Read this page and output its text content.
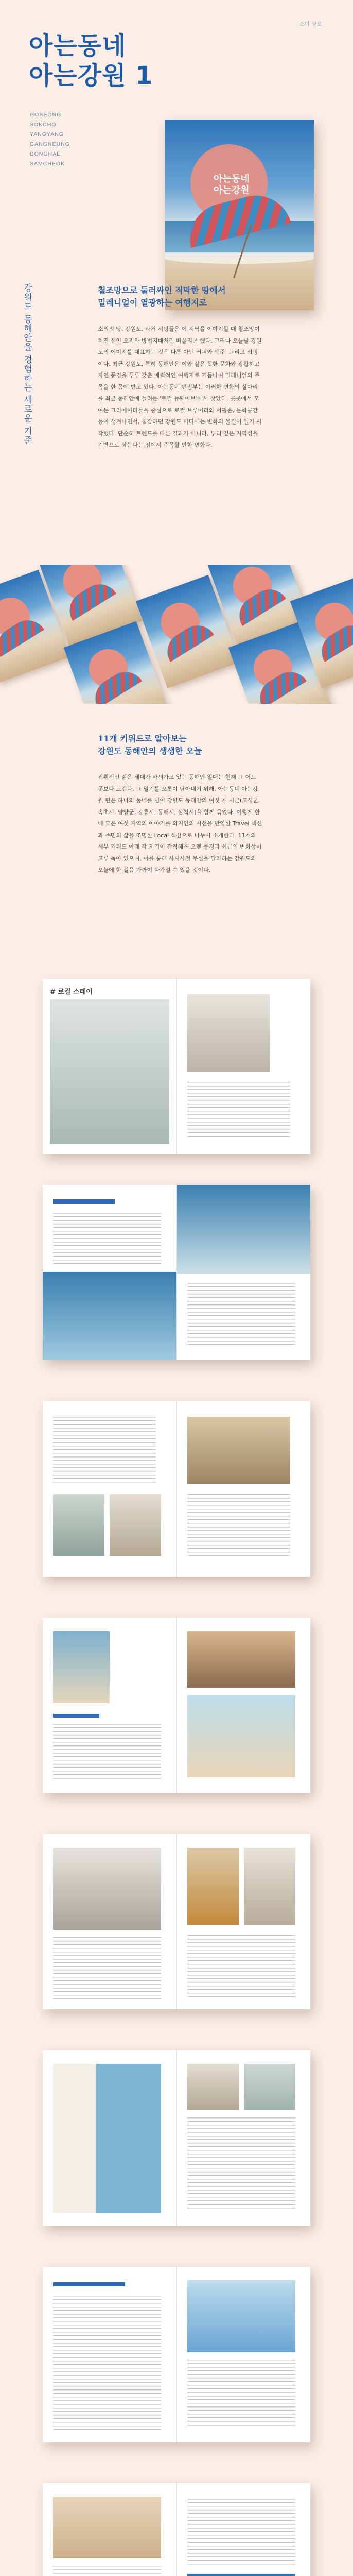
소이 필로
아는동네
아는강원 1
GOSEONG
SOKCHO
YANGYANG
GANGNEUNG
DONGHAE
SAMCHEOK
아는동네
아는강원
강원도 동해안을 경험하는 새로운 기준	철조망으로 둘러싸인 적막한 땅에서
밀레니얼이 열광하는 여행지로
소외의 땅, 강원도. 과거 서핑들은 이 지역을 이야기할 때 철조망이 쳐진 선인 오지와 방법지대처럼 떠올리곤 했다. 그러나 오늘날 강원도의 이미지를 대표하는 것은 다름 아닌 커피와 맥주, 그리고 서핑이다. 최근 강원도, 특히 동해안은 이와 같은 힙한 문화와 광활하고 자연 풍경을 두루 갖춘 매력적인 여행지로 거듭나며 밀레니얼의 주목을 한 몸에 받고 있다. 아는동네 편집부는 이러한 변화의 실마리를 최근 동해안에 들려든 '로컬 뉴웨이브'에서 찾았다. 곳곳에서 모여든 크리에이터들을 중심으로 로컬 브루어리와 서핑숍, 문화공간 등이 생겨나면서, 침잠하던 강원도 바다에는 변화의 물결이 일기 시작했다. 단순히 트렌드를 따른 결과가 아니라, 뿌리 깊은 지역성을 기반으로 삼는다는 점에서 주목할 만한 변화다.
11개 키워드로 알아보는
강원도 동해안의 생생한 오늘
진취적인 젊은 세대가 바꿔가고 있는 동해안 일대는 현재 그 어느 곳보다 뜨겁다. 그 열기를 오롯이 담아내기 위해, 아는동네 아는강원 편은 하나의 동네를 넘어 강원도 동해안의 여섯 개 시군(고성군, 속초시, 양양군, 강릉시, 동해시, 삼척시)을 함께 묶었다. 이렇게 한데 모은 여섯 지역의 이야기를 외지인의 시선을 반영한 Travel 섹션과 주민의 삶을 조명한 Local 섹션으로 나누어 소개한다. 11개의 세부 키워드 아래 각 지역이 간직해온 오랜 풍경과 최근의 변화상이 고루 녹아 있으며, 이를 통해 사시사철 무심을 달라하는 강원도의 오늘에 한 걸음 가까이 다가설 수 있을 것이다.
# 로컬 스테이
